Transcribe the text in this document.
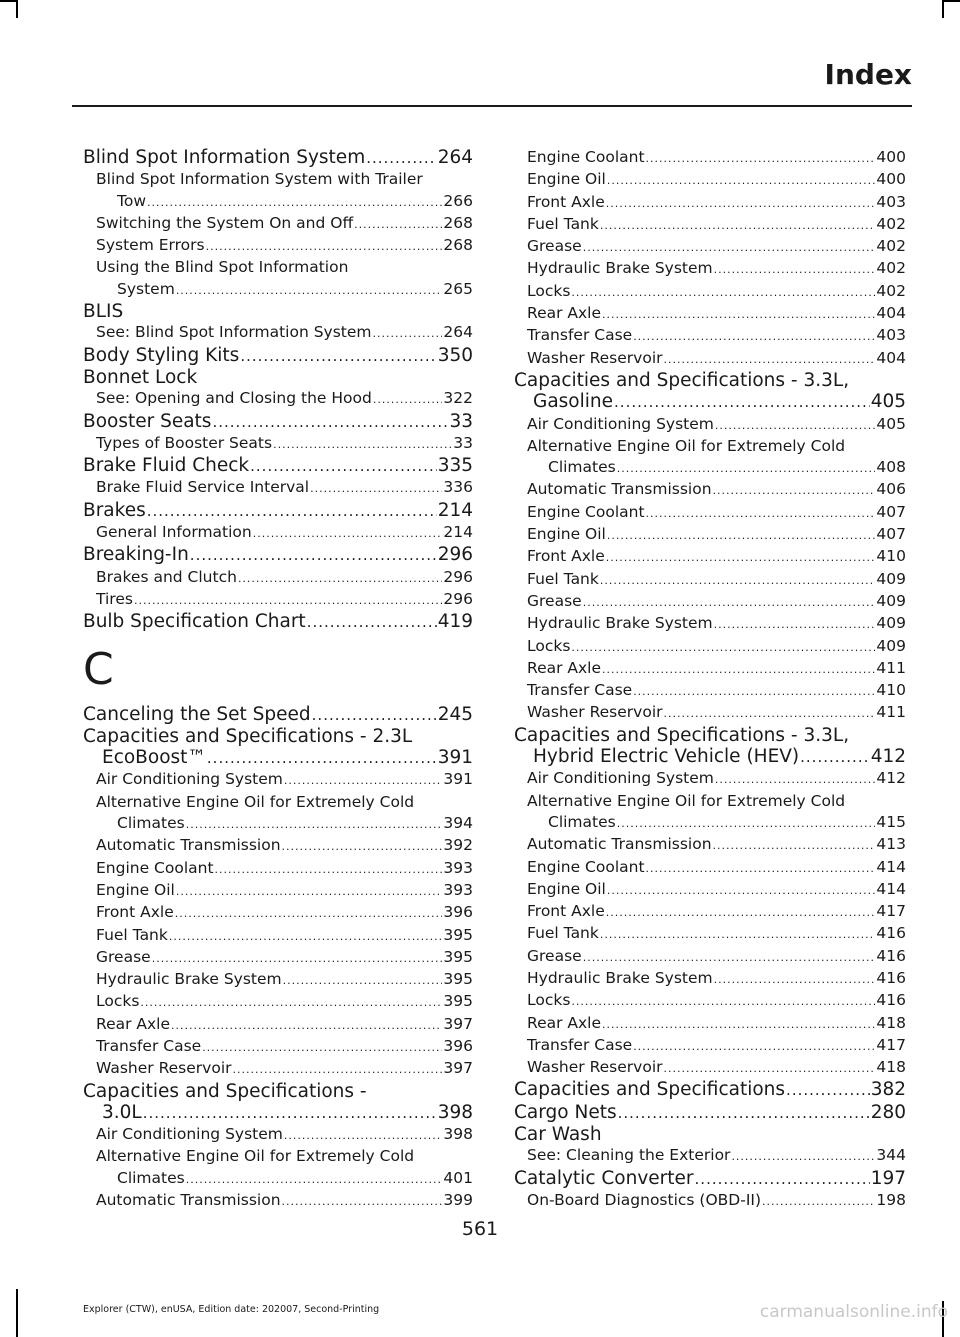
Index
Blind Spot Information System .....	264
Blind Spot Information System with Trailer
Tow .....	266
Switching the System On and Off .....	268
System Errors .....	268
Using the Blind Spot Information
System .....	265
BLIS
See: Blind Spot Information System .....	264
Body Styling Kits .....	350
Bonnet Lock
See: Opening and Closing the Hood .....	322
Booster Seats .....	33
Types of Booster Seats .....	33
Brake Fluid Check .....	335
Brake Fluid Service Interval .....	336
Brakes .....	214
General Information .....	214
Breaking-In .....	296
Brakes and Clutch .....	296
Tires .....	296
Bulb Specification Chart .....	419
C
Canceling the Set Speed .....	245
Capacities and Specifications - 2.3L
EcoBoost™ .....	391
Air Conditioning System .....	391
Alternative Engine Oil for Extremely Cold
Climates .....	394
Automatic Transmission .....	392
Engine Coolant .....	393
Engine Oil .....	393
Front Axle .....	396
Fuel Tank .....	395
Grease .....	395
Hydraulic Brake System .....	395
Locks .....	395
Rear Axle .....	397
Transfer Case .....	396
Washer Reservoir .....	397
Capacities and Specifications -
3.0L .....	398
Air Conditioning System .....	398
Alternative Engine Oil for Extremely Cold
Climates .....	401
Automatic Transmission .....	399
Engine Coolant .....	400
Engine Oil .....	400
Front Axle .....	403
Fuel Tank .....	402
Grease .....	402
Hydraulic Brake System .....	402
Locks .....	402
Rear Axle .....	404
Transfer Case .....	403
Washer Reservoir .....	404
Capacities and Specifications - 3.3L,
Gasoline .....	405
Air Conditioning System .....	405
Alternative Engine Oil for Extremely Cold
Climates .....	408
Automatic Transmission .....	406
Engine Coolant .....	407
Engine Oil .....	407
Front Axle .....	410
Fuel Tank .....	409
Grease .....	409
Hydraulic Brake System .....	409
Locks .....	409
Rear Axle .....	411
Transfer Case .....	410
Washer Reservoir .....	411
Capacities and Specifications - 3.3L,
Hybrid Electric Vehicle (HEV) .....	412
Air Conditioning System .....	412
Alternative Engine Oil for Extremely Cold
Climates .....	415
Automatic Transmission .....	413
Engine Coolant .....	414
Engine Oil .....	414
Front Axle .....	417
Fuel Tank .....	416
Grease .....	416
Hydraulic Brake System .....	416
Locks .....	416
Rear Axle .....	418
Transfer Case .....	417
Washer Reservoir .....	418
Capacities and Specifications .....	382
Cargo Nets .....	280
Car Wash
See: Cleaning the Exterior .....	344
Catalytic Converter .....	197
On-Board Diagnostics (OBD-II) .....	198
561
Explorer (CTW), enUSA, Edition date: 202007, Second-Printing	carmanualsonline.info
